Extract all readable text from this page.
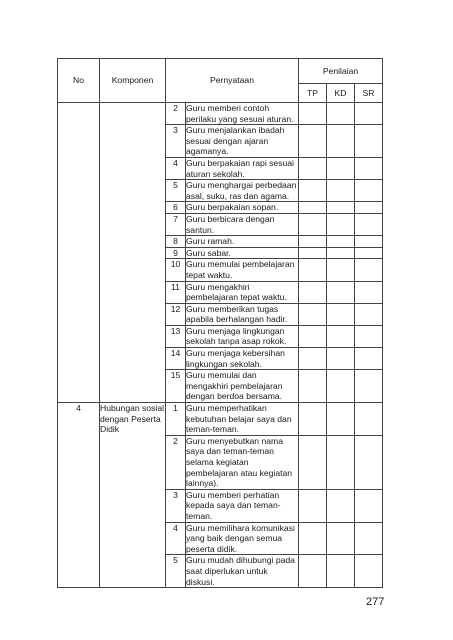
No	Komponen	Pernyataan		Penilaian		
				TP	KD	SR
		2	Guru memberi contoh perilaku yang sesuai aturan.			
		3	Guru menjalankan ibadah sesuai dengan ajaran agamanya.			
		4	Guru berpakaian rapi sesuai aturan sekolah.			
		5	Guru menghargai perbedaan asal, suku, ras dan agama.			
		6	Guru berpakaian sopan.			
		7	Guru berbicara dengan santun.			
		8	Guru ramah.			
		9	Guru sabar.			
		10	Guru memulai pembelajaran tepat waktu.			
		11	Guru mengakhiri pembelajaran tepat waktu.			
		12	Guru memberikan tugas apabila berhalangan hadir.			
		13	Guru menjaga lingkungan sekolah tanpa asap rokok.			
		14	Guru menjaga kebersihan lingkungan sekolah.			
		15	Guru memulai dan mengakhiri pembelajaran dengan berdoa bersama.			
4	Hubungan sosial dengan Peserta Didik	1	Guru memperhatikan kebutuhan belajar saya dan teman-teman.			
		2	Guru menyebutkan nama saya dan teman-teman selama kegiatan pembelajaran atau kegiatan lainnya).			
		3	Guru memberi perhatian kepada saya dan teman-teman.			
		4	Guru memilihara komunikasi yang baik dengan semua peserta didik.			
		5	Guru mudah dihubungi pada saat diperlukan untuk diskusi.			
277
